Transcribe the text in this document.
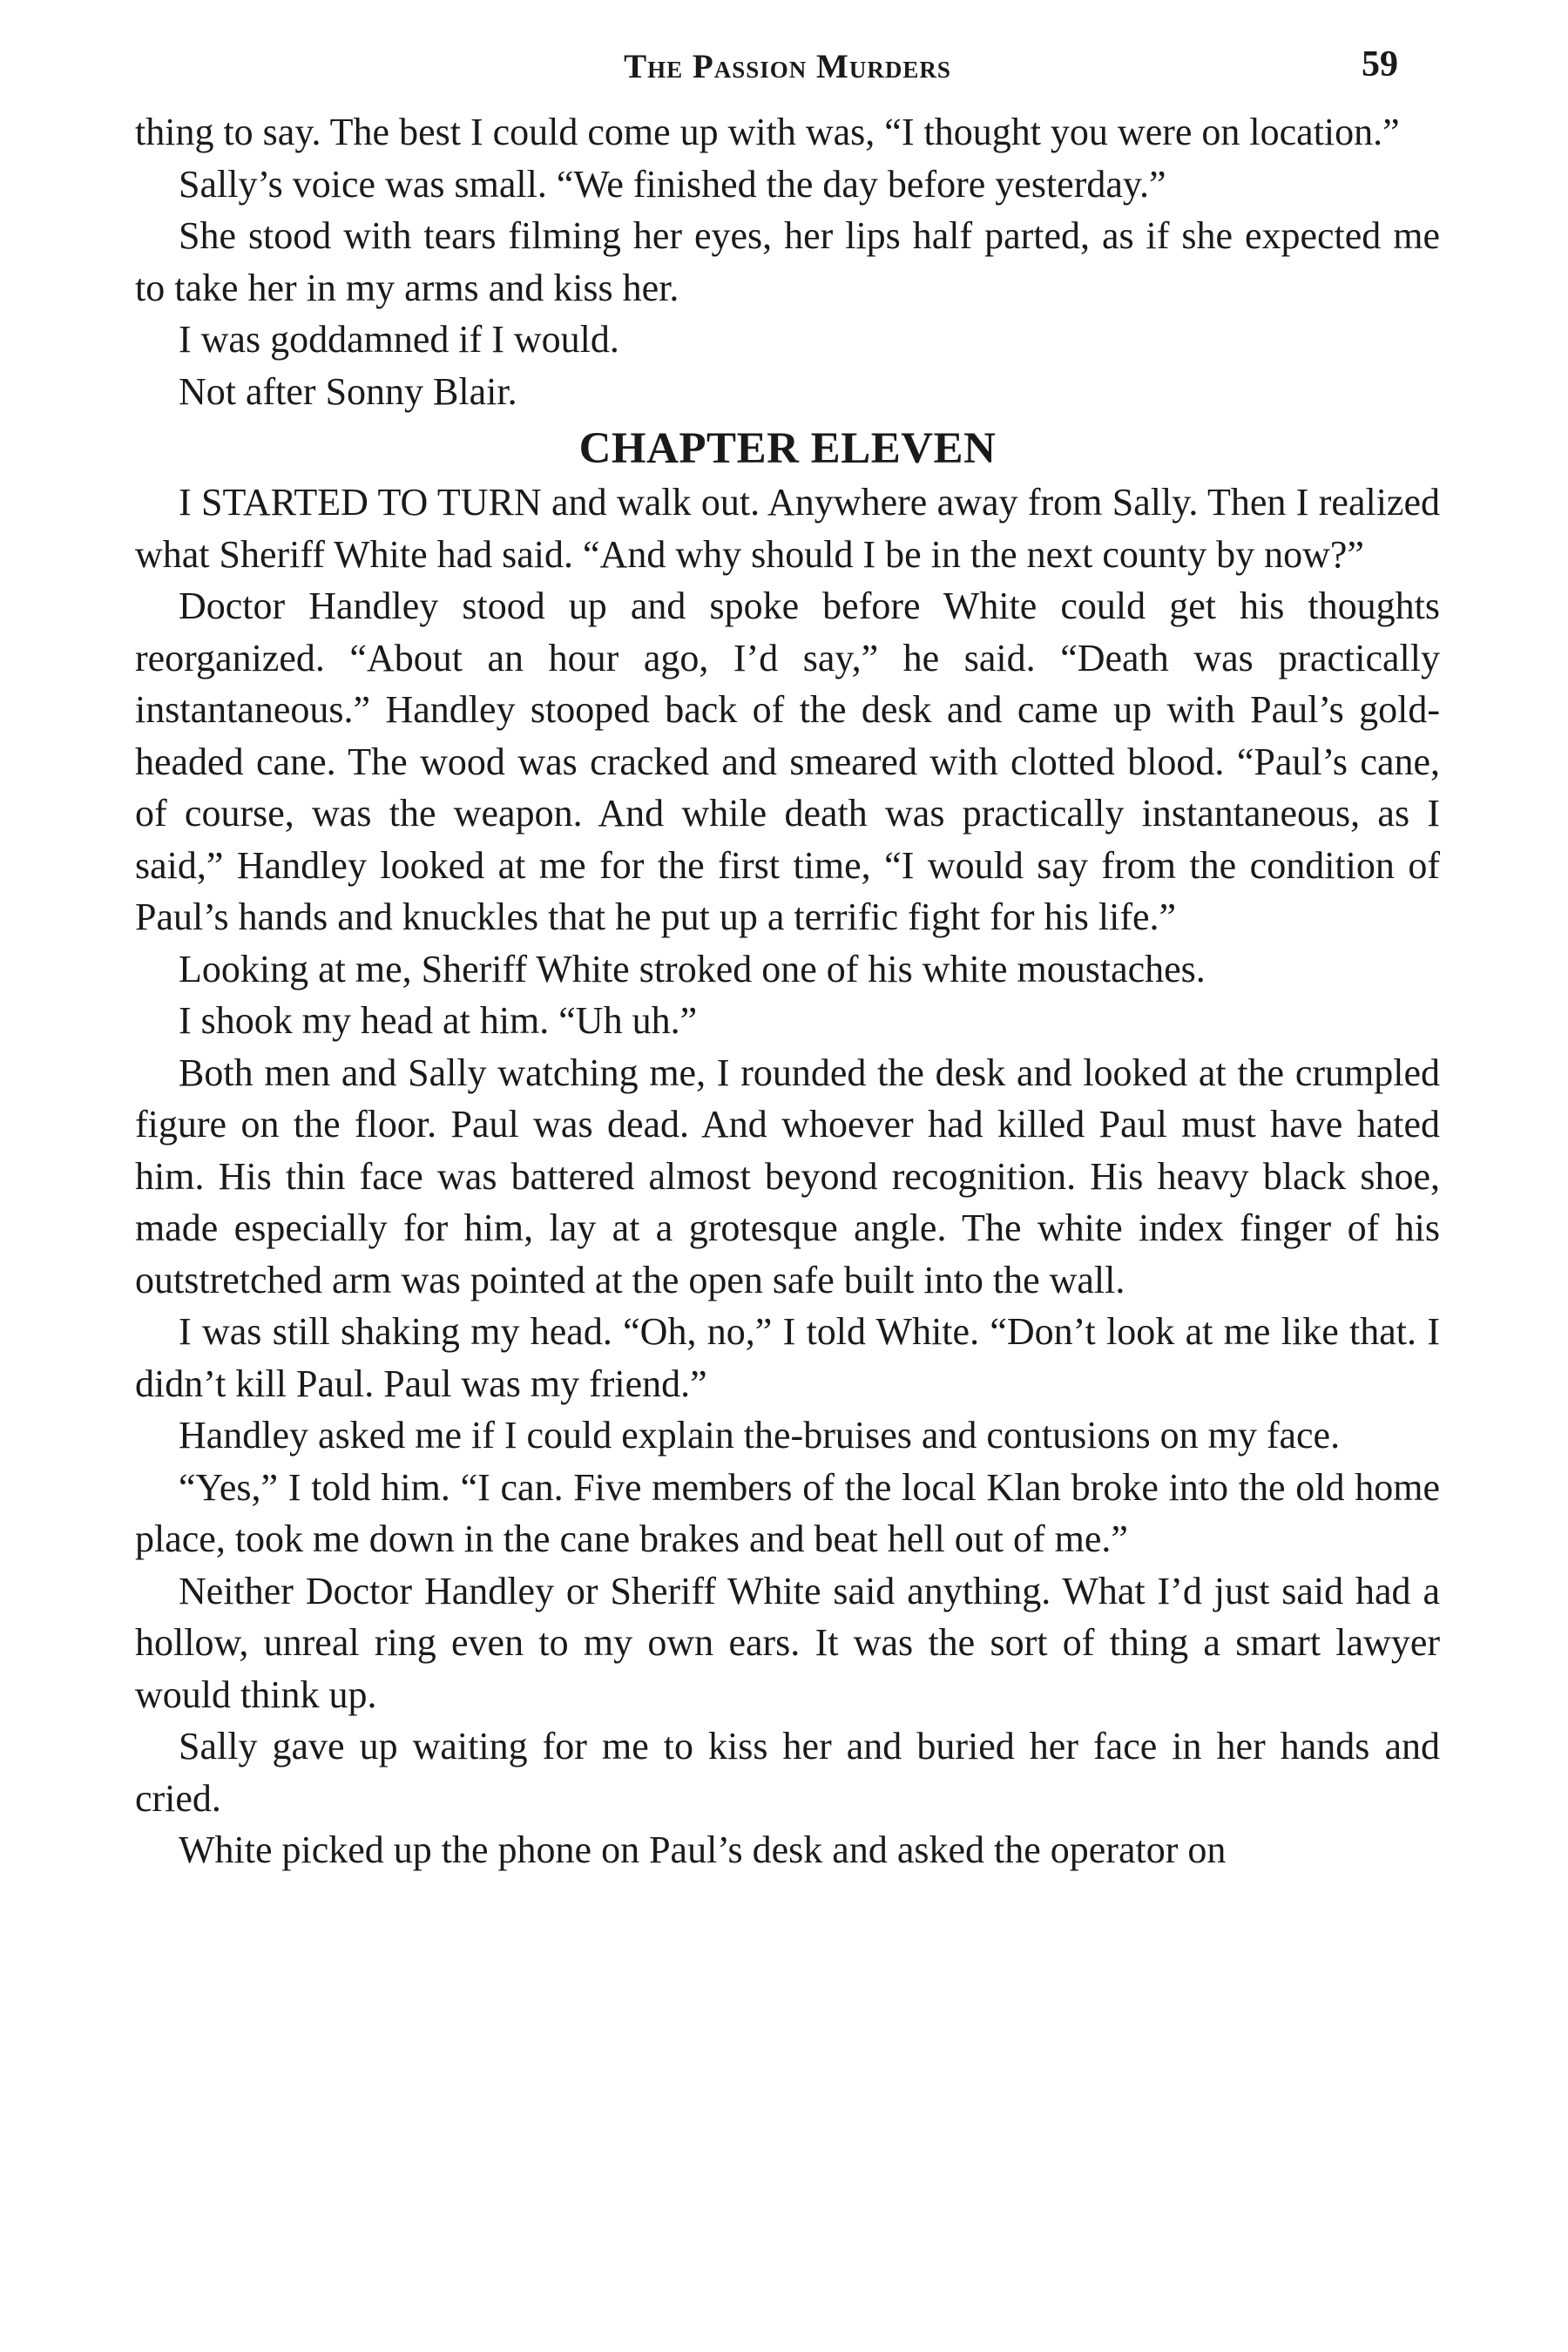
The Passion Murders	59

thing to say. The best I could come up with was, “I thought you were on location.”

Sally’s voice was small. “We finished the day before yesterday.”

She stood with tears filming her eyes, her lips half parted, as if she expected me to take her in my arms and kiss her.

I was goddamned if I would.

Not after Sonny Blair.

CHAPTER ELEVEN

I STARTED TO TURN and walk out. Anywhere away from Sally. Then I realized what Sheriff White had said. “And why should I be in the next county by now?”

Doctor Handley stood up and spoke before White could get his thoughts reorganized. “About an hour ago, I’d say,” he said. “Death was practically instantaneous.” Handley stooped back of the desk and came up with Paul’s gold-headed cane. The wood was cracked and smeared with clotted blood. “Paul’s cane, of course, was the weapon. And while death was practically instantaneous, as I said,” Handley looked at me for the first time, “I would say from the condition of Paul’s hands and knuckles that he put up a terrific fight for his life.”

Looking at me, Sheriff White stroked one of his white moustaches.

I shook my head at him. “Uh uh.”

Both men and Sally watching me, I rounded the desk and looked at the crumpled figure on the floor. Paul was dead. And whoever had killed Paul must have hated him. His thin face was battered almost beyond recognition. His heavy black shoe, made especially for him, lay at a grotesque angle. The white index finger of his outstretched arm was pointed at the open safe built into the wall.

I was still shaking my head. “Oh, no,” I told White. “Don’t look at me like that. I didn’t kill Paul. Paul was my friend.”

Handley asked me if I could explain the-bruises and contusions on my face.

“Yes,” I told him. “I can. Five members of the local Klan broke into the old home place, took me down in the cane brakes and beat hell out of me.”

Neither Doctor Handley or Sheriff White said anything. What I’d just said had a hollow, unreal ring even to my own ears. It was the sort of thing a smart lawyer would think up.

Sally gave up waiting for me to kiss her and buried her face in her hands and cried.

White picked up the phone on Paul’s desk and asked the operator on
